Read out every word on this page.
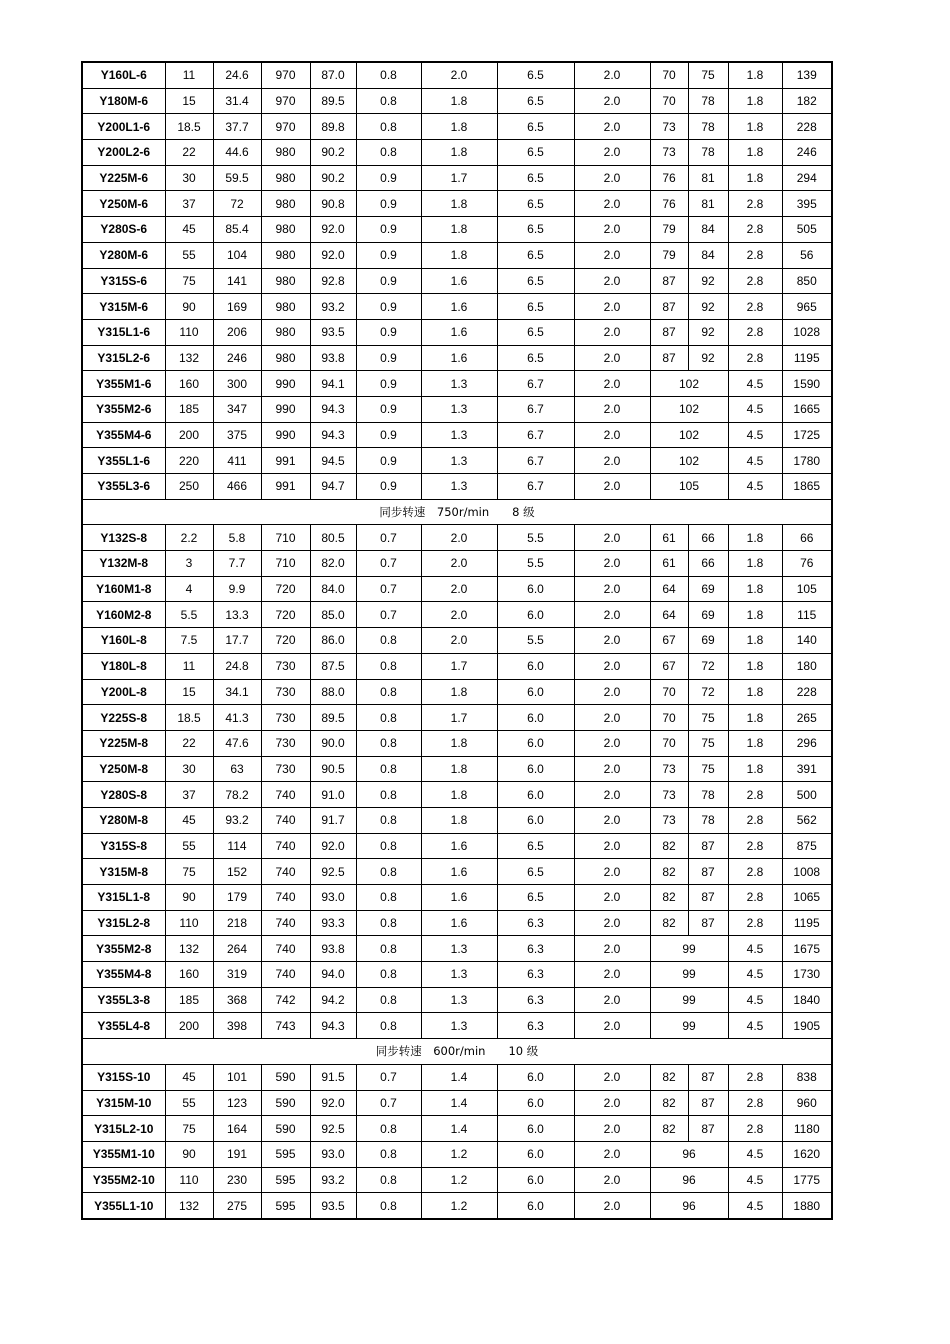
Y160L-6	11	24.6	970	87.0	0.8	2.0	6.5	2.0	70	75	1.8	139
Y180M-6	15	31.4	970	89.5	0.8	1.8	6.5	2.0	70	78	1.8	182
Y200L1-6	18.5	37.7	970	89.8	0.8	1.8	6.5	2.0	73	78	1.8	228
Y200L2-6	22	44.6	980	90.2	0.8	1.8	6.5	2.0	73	78	1.8	246
Y225M-6	30	59.5	980	90.2	0.9	1.7	6.5	2.0	76	81	1.8	294
Y250M-6	37	72	980	90.8	0.9	1.8	6.5	2.0	76	81	2.8	395
Y280S-6	45	85.4	980	92.0	0.9	1.8	6.5	2.0	79	84	2.8	505
Y280M-6	55	104	980	92.0	0.9	1.8	6.5	2.0	79	84	2.8	56
Y315S-6	75	141	980	92.8	0.9	1.6	6.5	2.0	87	92	2.8	850
Y315M-6	90	169	980	93.2	0.9	1.6	6.5	2.0	87	92	2.8	965
Y315L1-6	110	206	980	93.5	0.9	1.6	6.5	2.0	87	92	2.8	1028
Y315L2-6	132	246	980	93.8	0.9	1.6	6.5	2.0	87	92	2.8	1195
Y355M1-6	160	300	990	94.1	0.9	1.3	6.7	2.0	102		4.5	1590
Y355M2-6	185	347	990	94.3	0.9	1.3	6.7	2.0	102		4.5	1665
Y355M4-6	200	375	990	94.3	0.9	1.3	6.7	2.0	102		4.5	1725
Y355L1-6	220	411	991	94.5	0.9	1.3	6.7	2.0	102		4.5	1780
Y355L3-6	250	466	991	94.7	0.9	1.3	6.7	2.0	105		4.5	1865
同步转速　750r/min　　8 级												
Y132S-8	2.2	5.8	710	80.5	0.7	2.0	5.5	2.0	61	66	1.8	66
Y132M-8	3	7.7	710	82.0	0.7	2.0	5.5	2.0	61	66	1.8	76
Y160M1-8	4	9.9	720	84.0	0.7	2.0	6.0	2.0	64	69	1.8	105
Y160M2-8	5.5	13.3	720	85.0	0.7	2.0	6.0	2.0	64	69	1.8	115
Y160L-8	7.5	17.7	720	86.0	0.8	2.0	5.5	2.0	67	69	1.8	140
Y180L-8	11	24.8	730	87.5	0.8	1.7	6.0	2.0	67	72	1.8	180
Y200L-8	15	34.1	730	88.0	0.8	1.8	6.0	2.0	70	72	1.8	228
Y225S-8	18.5	41.3	730	89.5	0.8	1.7	6.0	2.0	70	75	1.8	265
Y225M-8	22	47.6	730	90.0	0.8	1.8	6.0	2.0	70	75	1.8	296
Y250M-8	30	63	730	90.5	0.8	1.8	6.0	2.0	73	75	1.8	391
Y280S-8	37	78.2	740	91.0	0.8	1.8	6.0	2.0	73	78	2.8	500
Y280M-8	45	93.2	740	91.7	0.8	1.8	6.0	2.0	73	78	2.8	562
Y315S-8	55	114	740	92.0	0.8	1.6	6.5	2.0	82	87	2.8	875
Y315M-8	75	152	740	92.5	0.8	1.6	6.5	2.0	82	87	2.8	1008
Y315L1-8	90	179	740	93.0	0.8	1.6	6.5	2.0	82	87	2.8	1065
Y315L2-8	110	218	740	93.3	0.8	1.6	6.3	2.0	82	87	2.8	1195
Y355M2-8	132	264	740	93.8	0.8	1.3	6.3	2.0	99		4.5	1675
Y355M4-8	160	319	740	94.0	0.8	1.3	6.3	2.0	99		4.5	1730
Y355L3-8	185	368	742	94.2	0.8	1.3	6.3	2.0	99		4.5	1840
Y355L4-8	200	398	743	94.3	0.8	1.3	6.3	2.0	99		4.5	1905
同步转速　600r/min　　10 级												
Y315S-10	45	101	590	91.5	0.7	1.4	6.0	2.0	82	87	2.8	838
Y315M-10	55	123	590	92.0	0.7	1.4	6.0	2.0	82	87	2.8	960
Y315L2-10	75	164	590	92.5	0.8	1.4	6.0	2.0	82	87	2.8	1180
Y355M1-10	90	191	595	93.0	0.8	1.2	6.0	2.0	96		4.5	1620
Y355M2-10	110	230	595	93.2	0.8	1.2	6.0	2.0	96		4.5	1775
Y355L1-10	132	275	595	93.5	0.8	1.2	6.0	2.0	96		4.5	1880
